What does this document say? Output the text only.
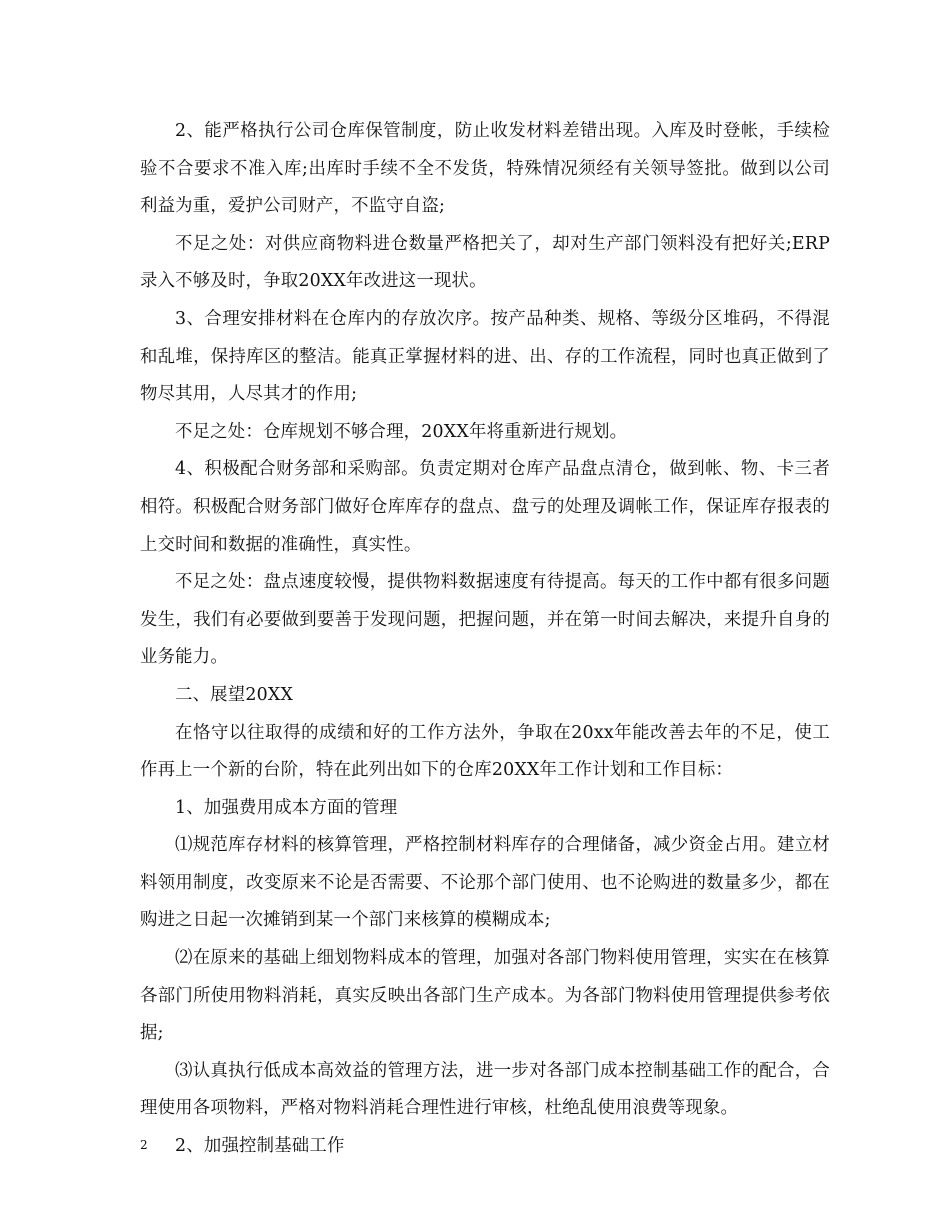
2、能严格执行公司仓库保管制度，防止收发材料差错出现。入库及时登帐，手续检验不合要求不准入库;出库时手续不全不发货，特殊情况须经有关领导签批。做到以公司利益为重，爱护公司财产，不监守自盗;

不足之处：对供应商物料进仓数量严格把关了，却对生产部门领料没有把好关;ERP录入不够及时，争取20XX年改进这一现状。

3、合理安排材料在仓库内的存放次序。按产品种类、规格、等级分区堆码，不得混和乱堆，保持库区的整洁。能真正掌握材料的进、出、存的工作流程，同时也真正做到了物尽其用，人尽其才的作用;

不足之处：仓库规划不够合理，20XX年将重新进行规划。

4、积极配合财务部和采购部。负责定期对仓库产品盘点清仓，做到帐、物、卡三者相符。积极配合财务部门做好仓库库存的盘点、盘亏的处理及调帐工作，保证库存报表的上交时间和数据的准确性，真实性。

不足之处：盘点速度较慢，提供物料数据速度有待提高。每天的工作中都有很多问题发生，我们有必要做到要善于发现问题，把握问题，并在第一时间去解决，来提升自身的业务能力。

二、展望20XX

在恪守以往取得的成绩和好的工作方法外，争取在20xx年能改善去年的不足，使工作再上一个新的台阶，特在此列出如下的仓库20XX年工作计划和工作目标：

1、加强费用成本方面的管理

⑴规范库存材料的核算管理，严格控制材料库存的合理储备，减少资金占用。建立材料领用制度，改变原来不论是否需要、不论那个部门使用、也不论购进的数量多少，都在购进之日起一次摊销到某一个部门来核算的模糊成本;

⑵在原来的基础上细划物料成本的管理，加强对各部门物料使用管理，实实在在核算各部门所使用物料消耗，真实反映出各部门生产成本。为各部门物料使用管理提供参考依据;

⑶认真执行低成本高效益的管理方法，进一步对各部门成本控制基础工作的配合，合理使用各项物料，严格对物料消耗合理性进行审核，杜绝乱使用浪费等现象。

2、加强控制基础工作

2
